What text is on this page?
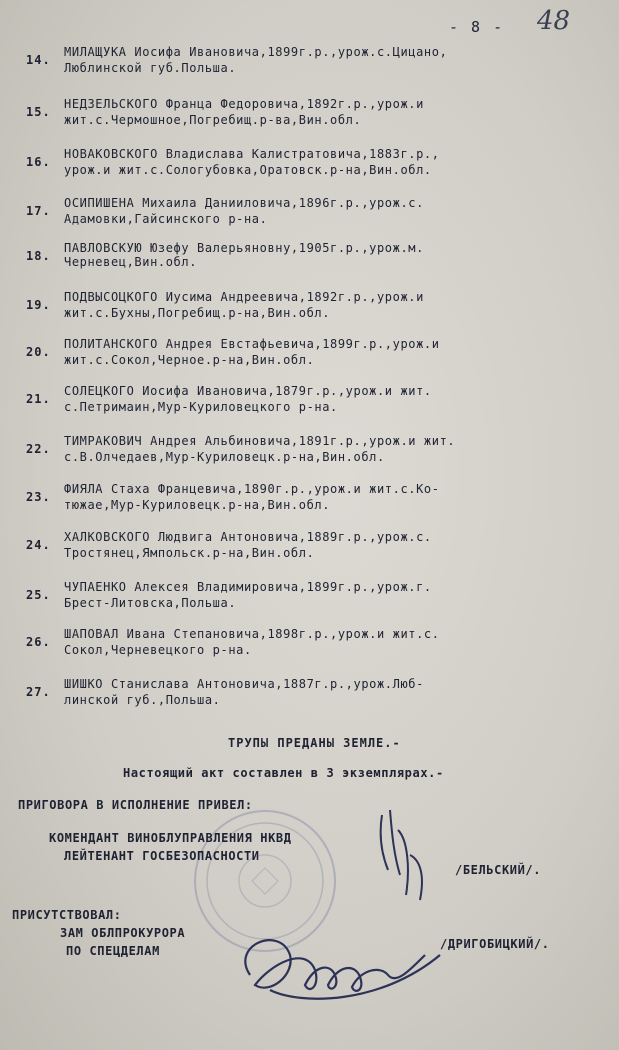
- 8 - 48
14.
МИЛАЩУКА Иосифа Ивановича,1899г.р.,урож.с.Цицано,
Люблинской губ.Польша.
15.
НЕДЗЕЛЬСКОГО Франца Федоровича,1892г.р.,урож.и
жит.с.Чермошное,Погребищ.р-ва,Вин.обл.
16.
НОВАКОВСКОГО Владислава Калистратовича,1883г.р.,
урож.и жит.с.Сологубовка,Оратовск.р-на,Вин.обл.
17.
ОСИПИШЕНА Михаила Данииловича,1896г.р.,урож.с.
Адамовки,Гайсинского р-на.
18.
ПАВЛОВСКУЮ Юзефу Валерьяновну,1905г.р.,урож.м.
Черневец,Вин.обл.
19.
ПОДВЫСОЦКОГО Иусима Андреевича,1892г.р.,урож.и
жит.с.Бухны,Погребищ.р-на,Вин.обл.
20.
ПОЛИТАНСКОГО Андрея Евстафьевича,1899г.р.,урож.и
жит.с.Сокол,Черное.р-на,Вин.обл.
21.
СОЛЕЦКОГО Иосифа Ивановича,1879г.р.,урож.и жит.
с.Петримаин,Мур-Куриловецкого р-на.
22.
ТИМРАКОВИЧ Андрея Альбиновича,1891г.р.,урож.и жит.
с.В.Олчедаев,Мур-Куриловецк.р-на,Вин.обл.
23.
ФИЯЛА Стаха Францевича,1890г.р.,урож.и жит.с.Ко-
тюжае,Мур-Куриловецк.р-на,Вин.обл.
24.
ХАЛКОВСКОГО Людвига Антоновича,1889г.р.,урож.с.
Тростянец,Ямпольск.р-на,Вин.обл.
25.
ЧУПАЕНКО Алексея Владимировича,1899г.р.,урож.г.
Брест-Литовска,Польша.
26.
ШАПОВАЛ Ивана Степановича,1898г.р.,урож.и жит.с.
Сокол,Черневецкого р-на.
27.
ШИШКО Станислава Антоновича,1887г.р.,урож.Люб-
линской губ.,Польша.
ТРУПЫ ПРЕДАНЫ ЗЕМЛЕ.-
Настоящий акт составлен в 3 экземплярах.-
ПРИГОВОРА В ИСПОЛНЕНИЕ ПРИВЕЛ:
КОМЕНДАНТ ВИНОБЛУПРАВЛЕНИЯ НКВД
ЛЕЙТЕНАНТ ГОСБЕЗОПАСНОСТИ
/БЕЛЬСКИЙ/.
ПРИСУТСТВОВАЛ:
ЗАМ ОБЛПРОКУРОРА
ПО СПЕЦДЕЛАМ	/ДРИГОБИЦКИЙ/.
